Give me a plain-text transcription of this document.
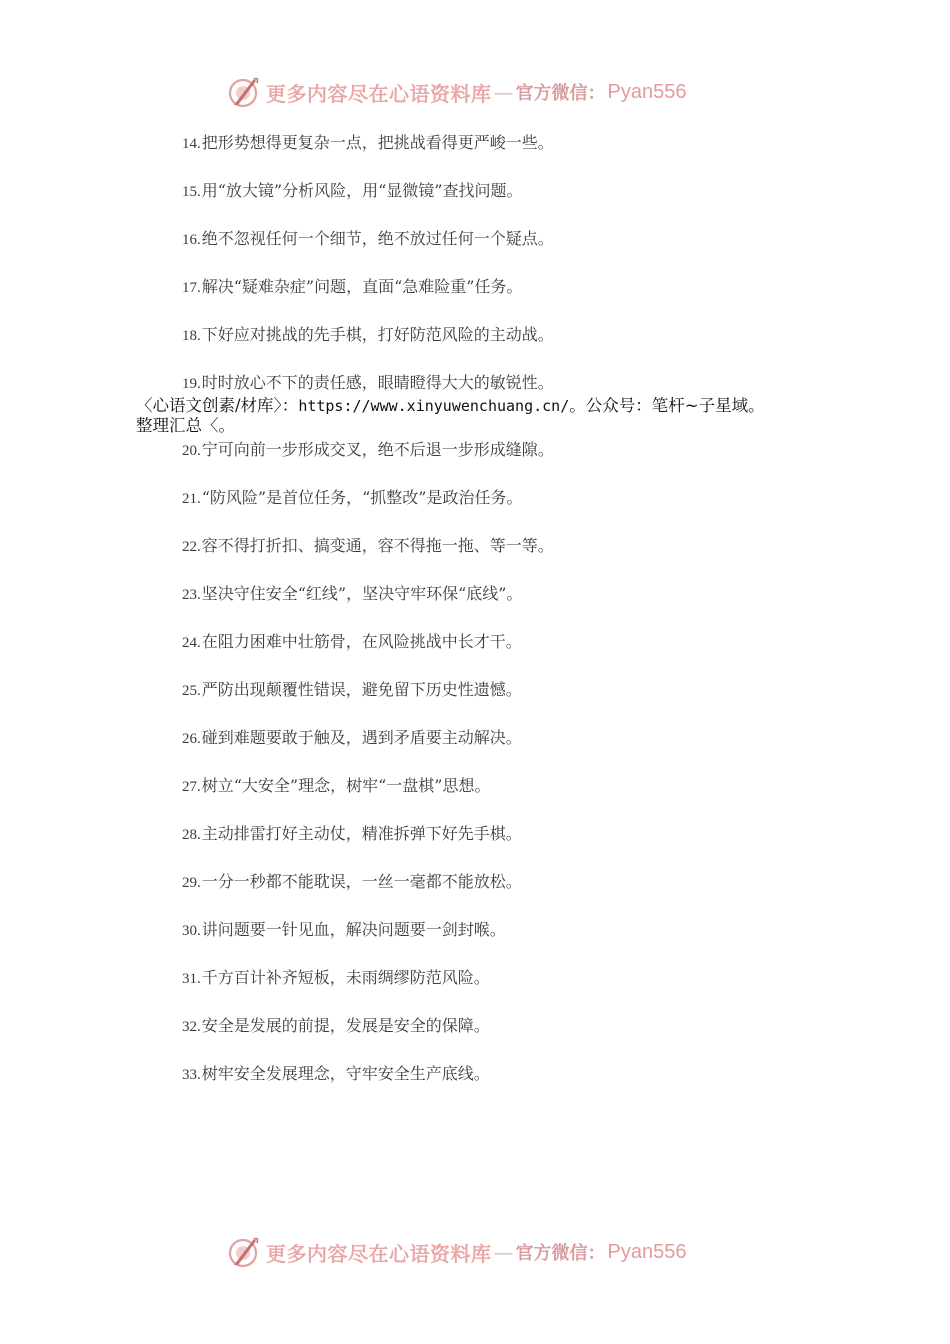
更多内容尽在心语资料库 — 官方微信： Pyan556
14.把形势想得更复杂一点，把挑战看得更严峻一些。
15.用“放大镜”分析风险，用“显微镜”查找问题。
16.绝不忽视任何一个细节，绝不放过任何一个疑点。
17.解决“疑难杂症”问题，直面“急难险重”任务。
18.下好应对挑战的先手棋，打好防范风险的主动战。
19.时时放心不下的责任感，眼睛瞪得大大的敏锐性。
20.宁可向前一步形成交叉，绝不后退一步形成缝隙。
21.“防风险”是首位任务，“抓整改”是政治任务。
22.容不得打折扣、搞变通，容不得拖一拖、等一等。
23.坚决守住安全“红线”，坚决守牢环保“底线”。
24.在阻力困难中壮筋骨，在风险挑战中长才干。
25.严防出现颠覆性错误，避免留下历史性遗憾。
26.碰到难题要敢于触及，遇到矛盾要主动解决。
27.树立“大安全”理念，树牢“一盘棋”思想。
28.主动排雷打好主动仗，精准拆弹下好先手棋。
29.一分一秒都不能耽误，一丝一毫都不能放松。
30.讲问题要一针见血，解决问题要一剑封喉。
31.千方百计补齐短板，未雨绸缪防范风险。
32.安全是发展的前提，发展是安全的保障。
33.树牢安全发展理念，守牢安全生产底线。
〈心语文创素/材库〉：https://www.xinyuwenchuang.cn/。公众号：笔杆~子星域。
整理汇总〈。
更多内容尽在心语资料库 — 官方微信： Pyan556
